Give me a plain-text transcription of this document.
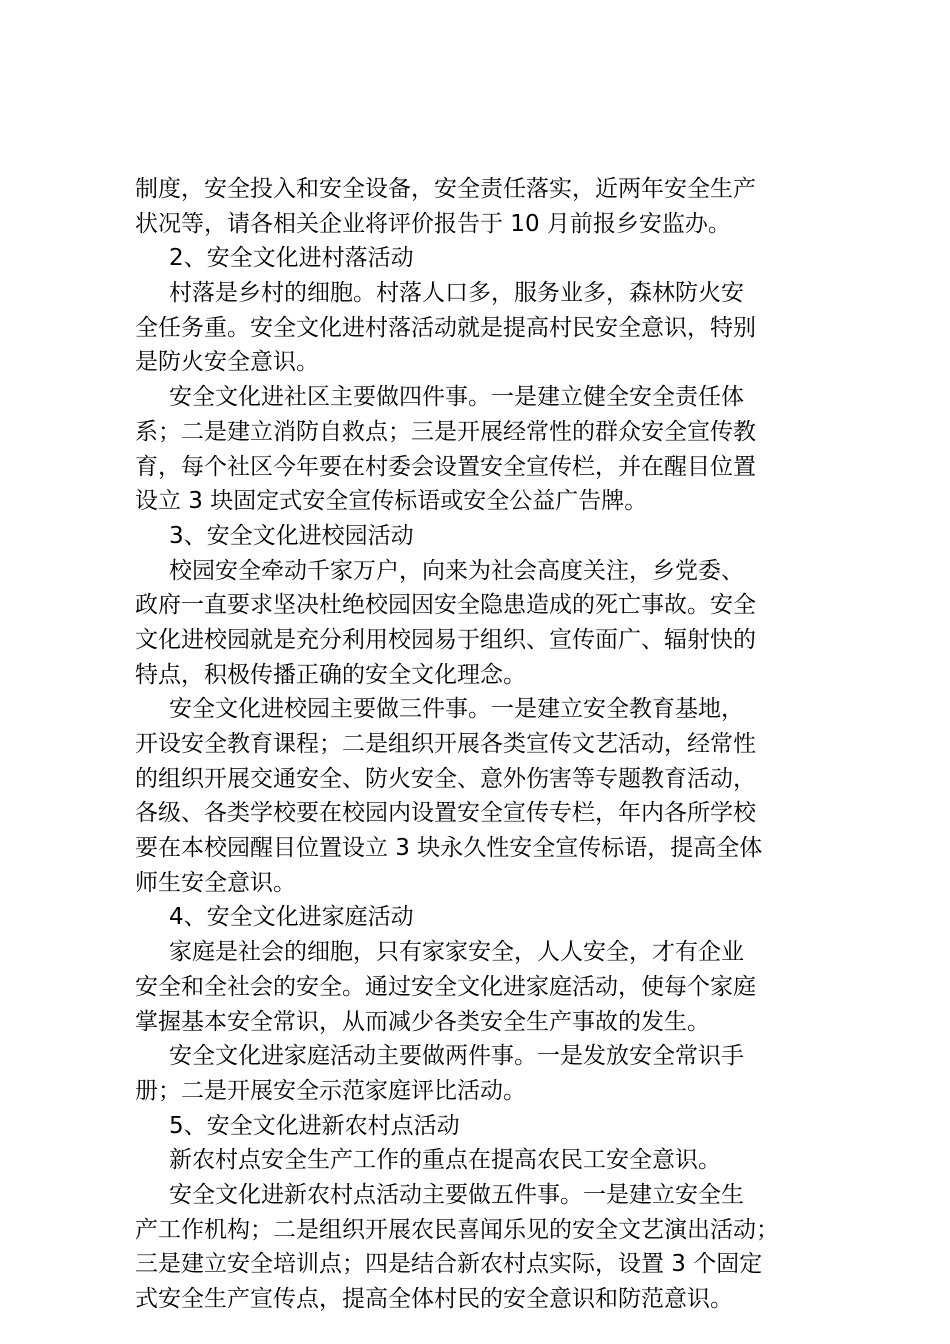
制度，安全投入和安全设备，安全责任落实，近两年安全生产
状况等，请各相关企业将评价报告于 10 月前报乡安监办。
2、安全文化进村落活动
村落是乡村的细胞。村落人口多，服务业多，森林防火安
全任务重。安全文化进村落活动就是提高村民安全意识，特别
是防火安全意识。
安全文化进社区主要做四件事。一是建立健全安全责任体
系；二是建立消防自救点；三是开展经常性的群众安全宣传教
育，每个社区今年要在村委会设置安全宣传栏，并在醒目位置
设立 3 块固定式安全宣传标语或安全公益广告牌。
3、安全文化进校园活动
校园安全牵动千家万户，向来为社会高度关注，乡党委、
政府一直要求坚决杜绝校园因安全隐患造成的死亡事故。安全
文化进校园就是充分利用校园易于组织、宣传面广、辐射快的
特点，积极传播正确的安全文化理念。
安全文化进校园主要做三件事。一是建立安全教育基地，
开设安全教育课程；二是组织开展各类宣传文艺活动，经常性
的组织开展交通安全、防火安全、意外伤害等专题教育活动，
各级、各类学校要在校园内设置安全宣传专栏，年内各所学校
要在本校园醒目位置设立 3 块永久性安全宣传标语，提高全体
师生安全意识。
4、安全文化进家庭活动
家庭是社会的细胞，只有家家安全，人人安全，才有企业
安全和全社会的安全。通过安全文化进家庭活动，使每个家庭
掌握基本安全常识，从而减少各类安全生产事故的发生。
安全文化进家庭活动主要做两件事。一是发放安全常识手
册；二是开展安全示范家庭评比活动。
5、安全文化进新农村点活动
新农村点安全生产工作的重点在提高农民工安全意识。
安全文化进新农村点活动主要做五件事。一是建立安全生
产工作机构；二是组织开展农民喜闻乐见的安全文艺演出活动；
三是建立安全培训点；四是结合新农村点实际，设置 3 个固定
式安全生产宣传点，提高全体村民的安全意识和防范意识。
